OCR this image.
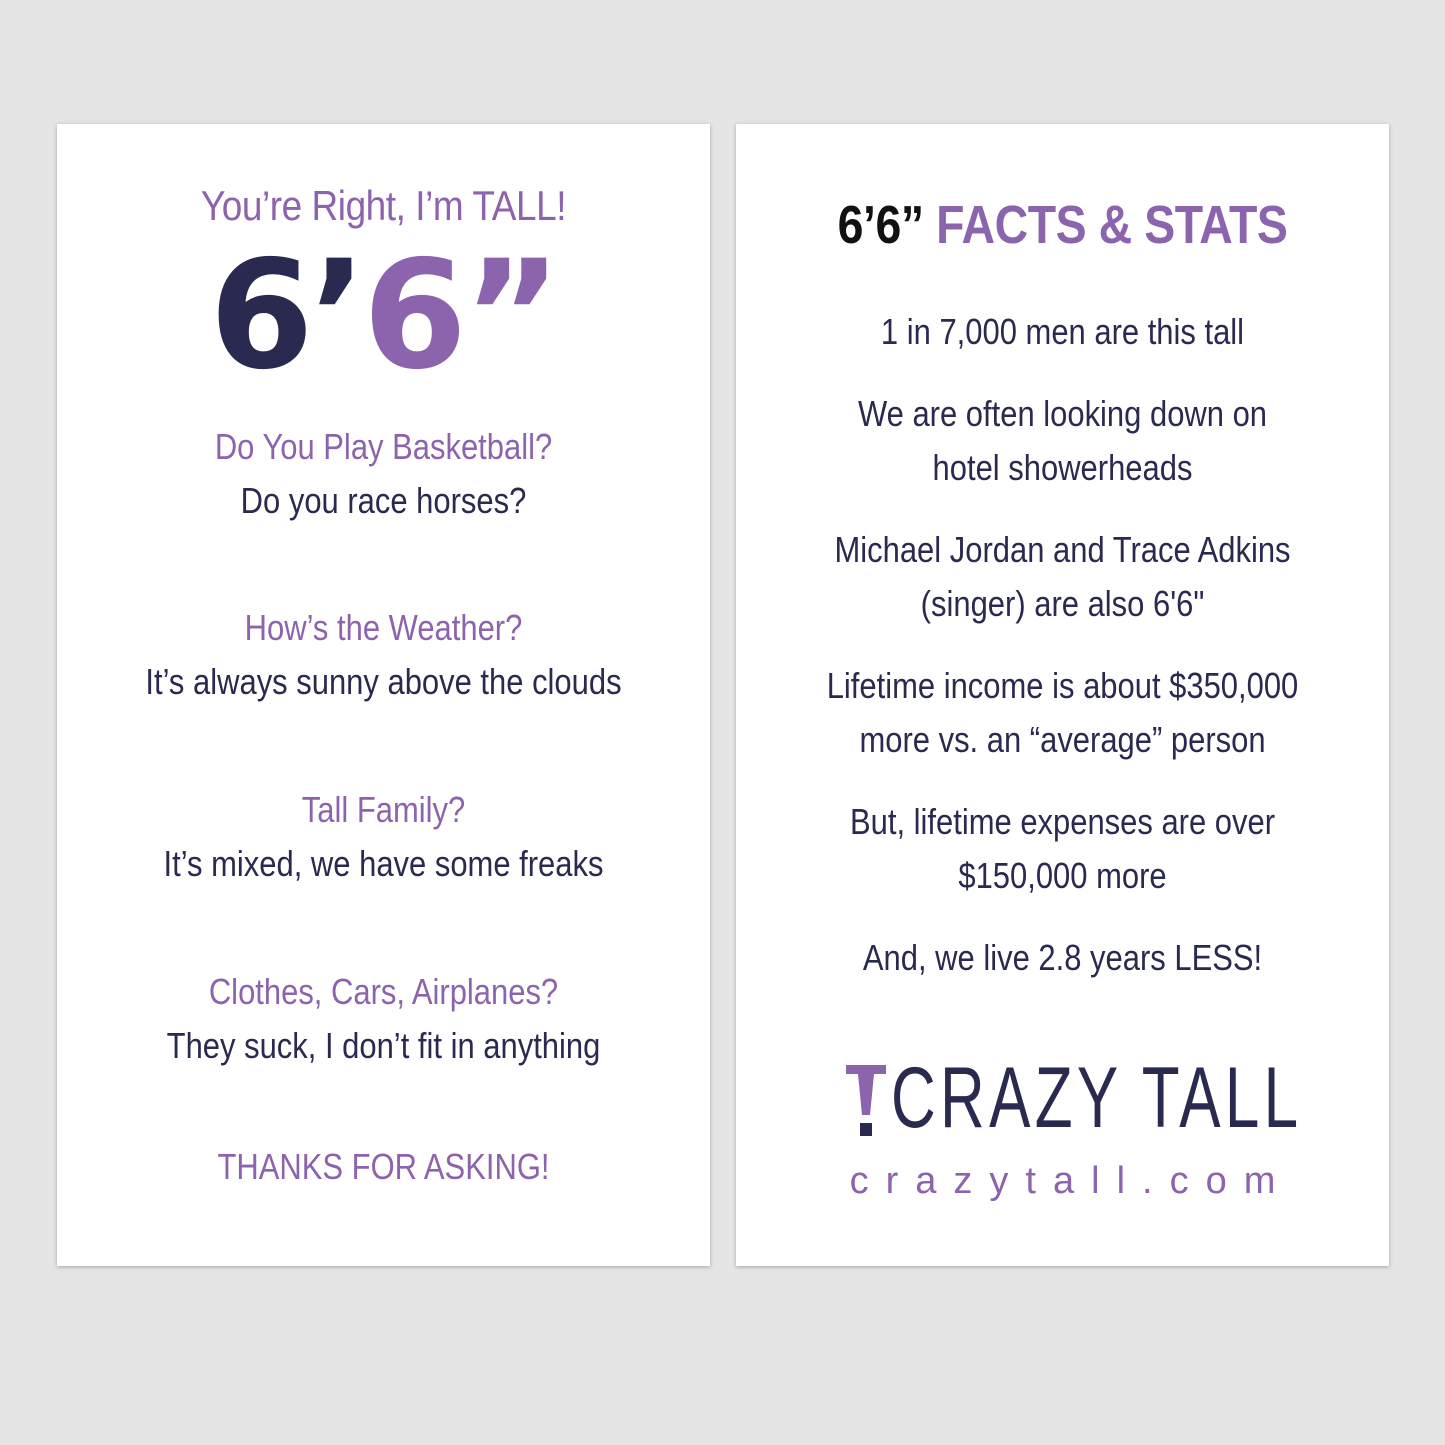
You’re Right, I’m TALL!
6’6”
Do You Play Basketball?
Do you race horses?
How’s the Weather?
It’s always sunny above the clouds
Tall Family?
It’s mixed, we have some freaks
Clothes, Cars, Airplanes?
They suck, I don’t fit in anything
THANKS FOR ASKING!
6’6” FACTS & STATS
1 in 7,000 men are this tall
We are often looking down on
hotel showerheads
Michael Jordan and Trace Adkins
(singer) are also 6'6"
Lifetime income is about $350,000
more vs. an “average” person
But, lifetime expenses are over
$150,000 more
And, we live 2.8 years LESS!
CRAZY TALL
crazytall.com
